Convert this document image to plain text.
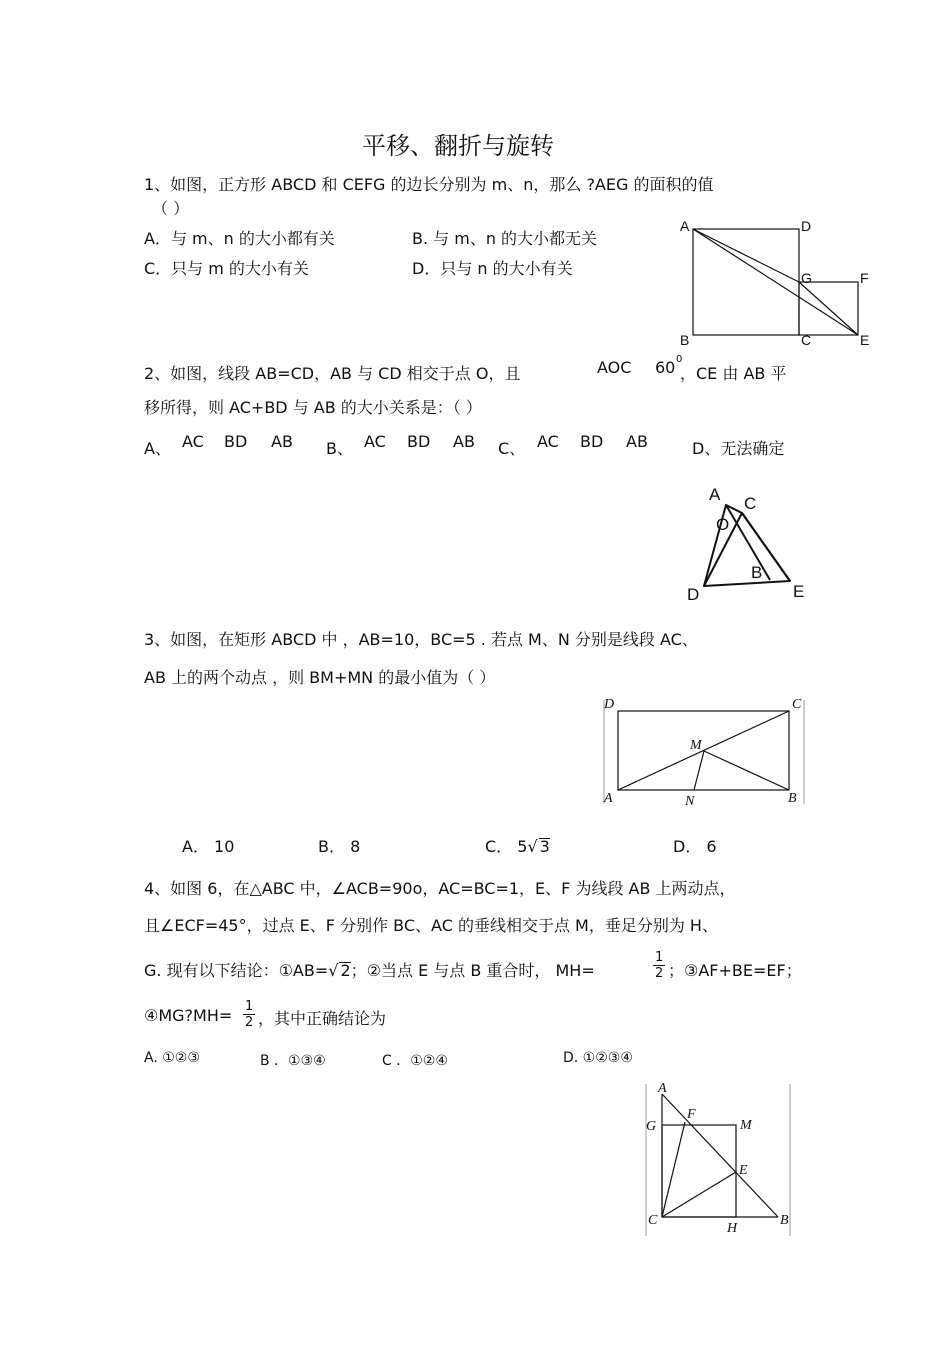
平移、翻折与旋转
1、如图，正方形 ABCD 和 CEFG 的边长分别为 m、n，那么 ?AEG 的面积的值
（ ）
A．与 m、n 的大小都有关	B. 与 m、n 的大小都无关
C．只与 m 的大小有关	D．只与 n 的大小有关
A	D
G	F
B	C	E
2、如图，线段 AB=CD，AB 与 CD 相交于点 O，且	AOC 60 0
，CE 由 AB 平
移所得，则 AC+BD 与 AB 的大小关系是：（ ）
A、 AC BD AB B、 AC BD AB C、 AC BD AB	D、无法确定
A C
O
B
D	E
3、如图，在矩形 ABCD 中 ，AB=10，BC=5 . 若点 M、N 分别是线段 AC、
AB 上的两个动点 ，则 BM+MN 的最小值为（ ）
D	C
M
A	N	B
A． 10	B． 8	C． 5√ 3	D． 6
4、如图 6，在△ABC 中，∠ACB=90o，AC=BC=1，E、F 为线段 AB 上两动点，
且∠ECF=45°，过点 E、F 分别作 BC、AC 的垂线相交于点 M，垂足分别为 H、
G. 现有以下结论：①AB=√ 2；②当点 E 与点 B 重合时， MH=	$\frac{1}{2}$ ；③AF+BE=EF；
④MG?MH= $\frac{1}{2}$ ，其中正确结论为
A. ①②③	B ．①③④	C ．①②④	D. ①②③④
A
F
M
G
E
C
H
B
